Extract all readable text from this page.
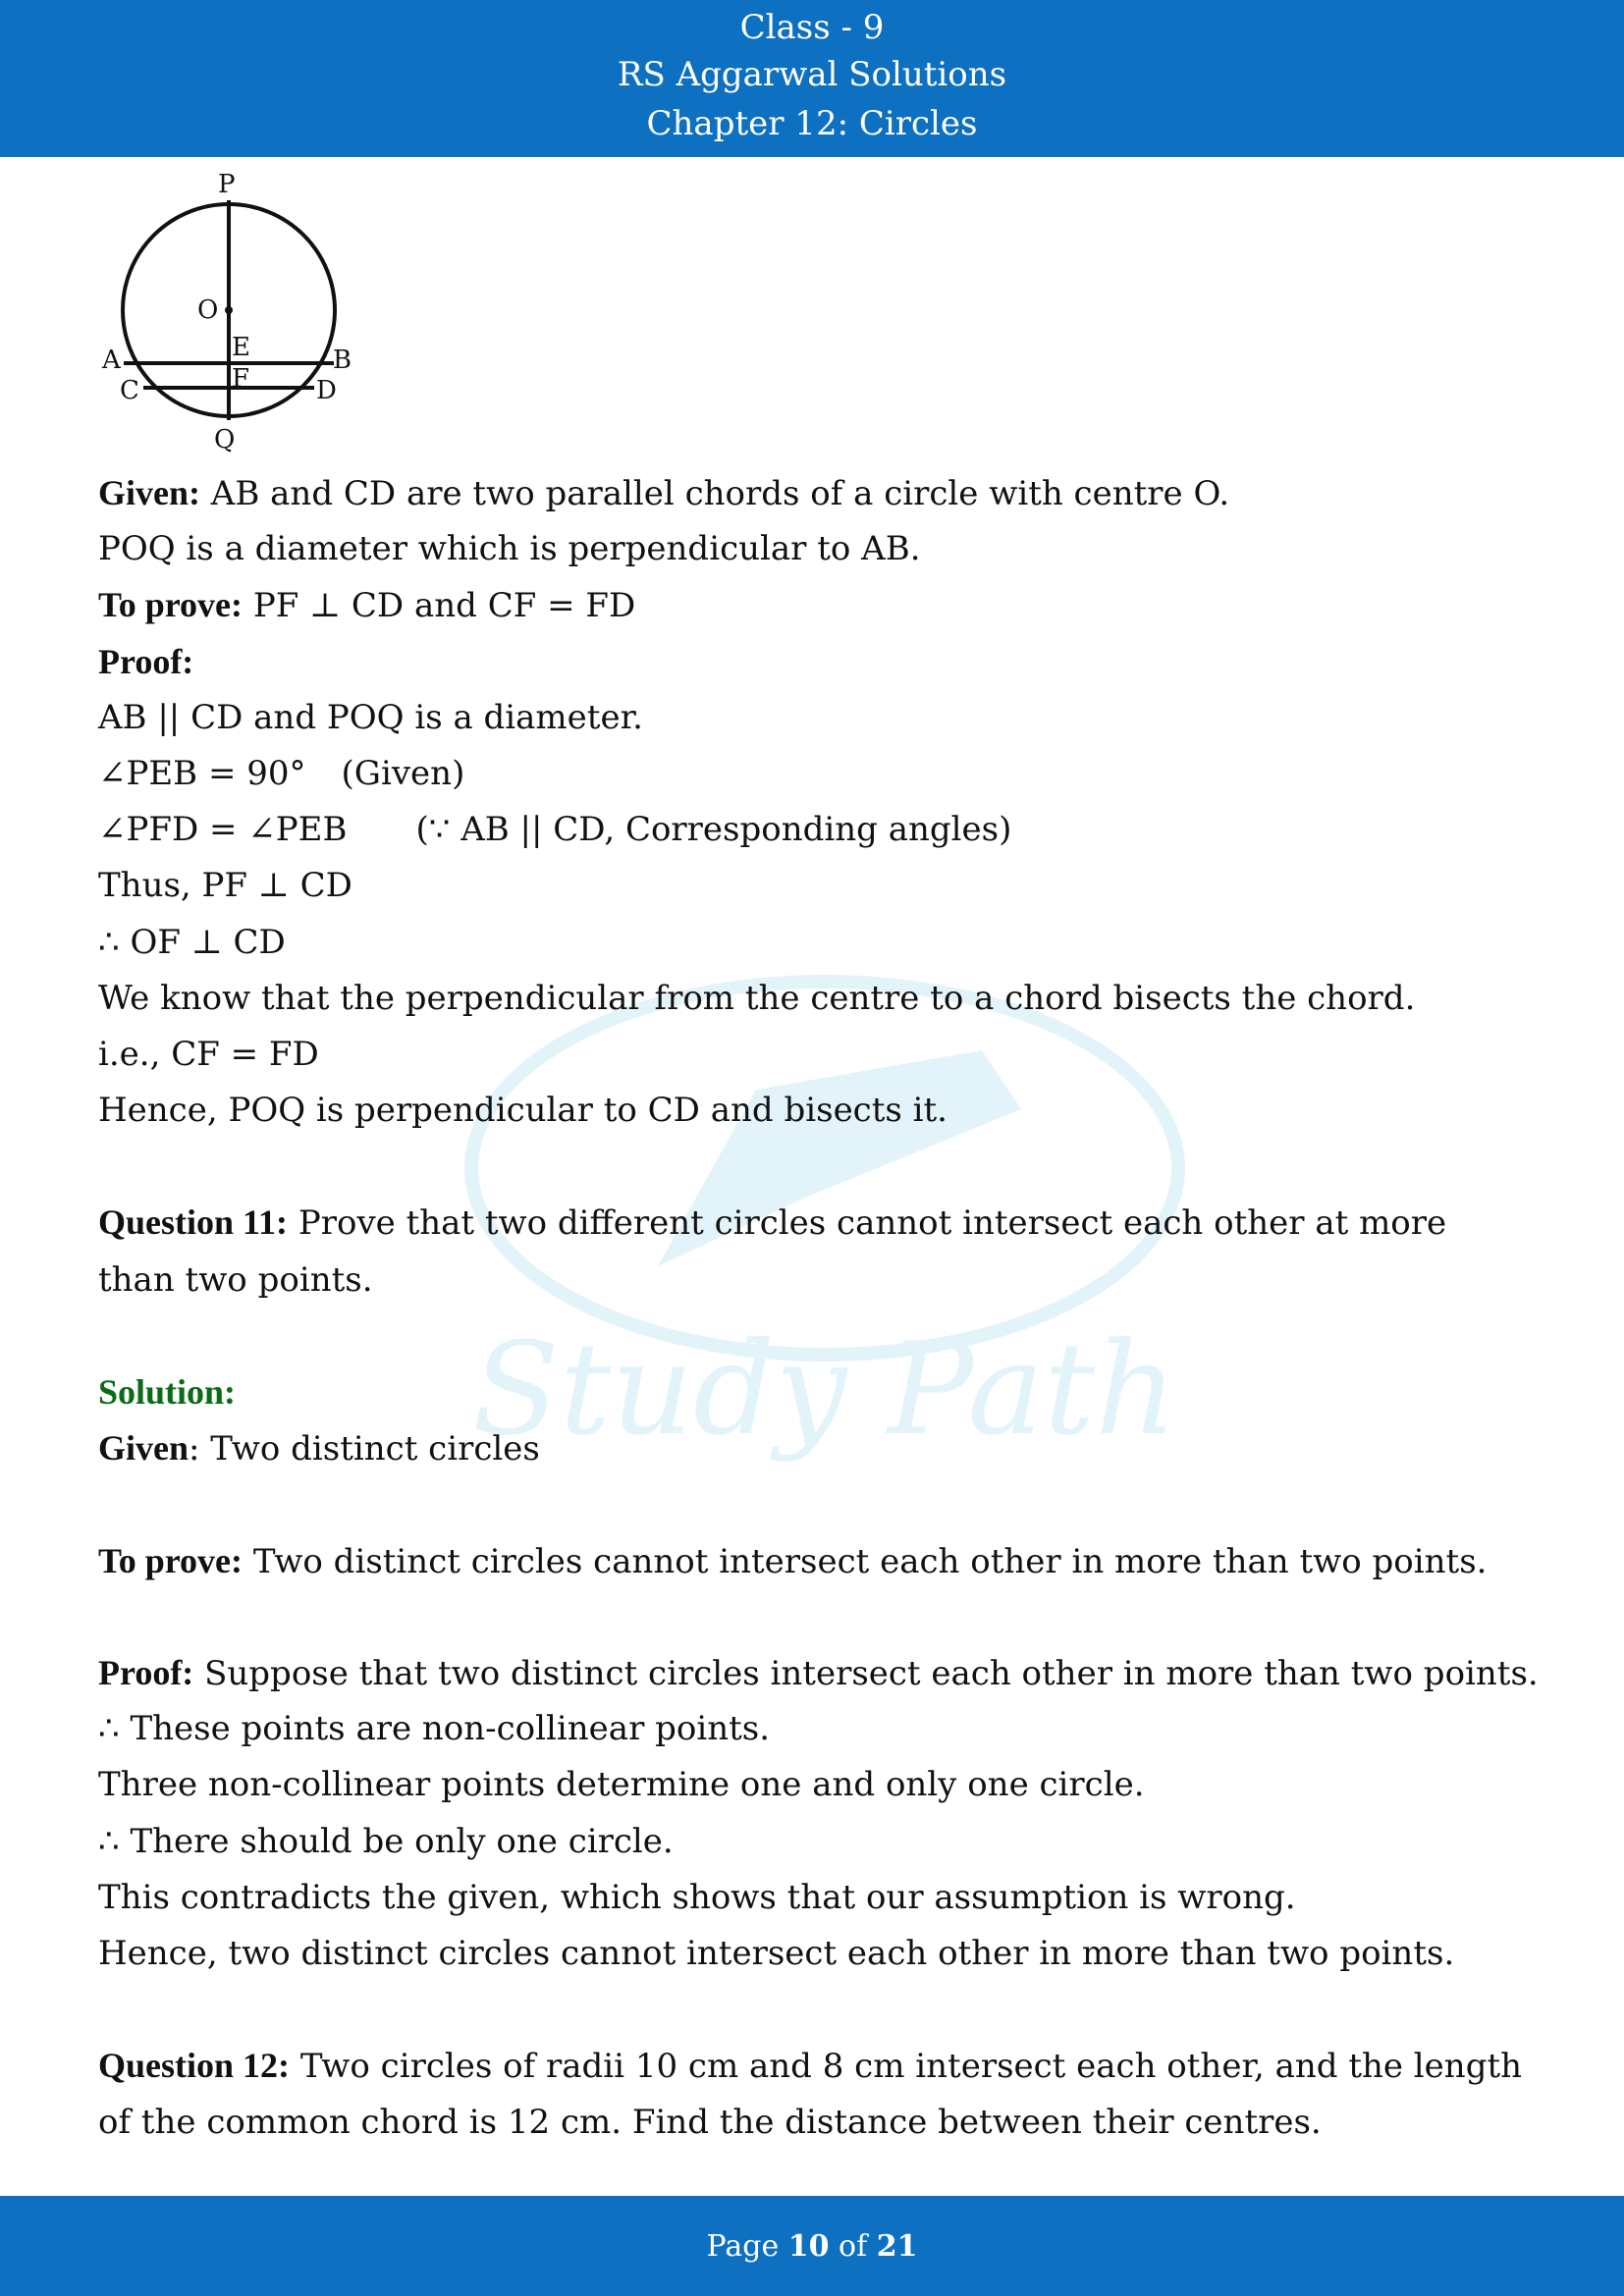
Class - 9
RS Aggarwal Solutions
Chapter 12: Circles
Study Path
P
O
E
A	B
C	F	D
Q

Given: AB and CD are two parallel chords of a circle with centre O.

POQ is a diameter which is perpendicular to AB.

To prove: PF ⊥ CD and CF = FD

Proof:

AB || CD and POQ is a diameter.

∠PEB = 90° (Given)

∠PFD = ∠PEB (∵ AB || CD, Corresponding angles)

Thus, PF ⊥ CD

∴ OF ⊥ CD

We know that the perpendicular from the centre to a chord bisects the chord.

i.e., CF = FD

Hence, POQ is perpendicular to CD and bisects it.

Question 11: Prove that two different circles cannot intersect each other at more than two points.

Solution:

Given: Two distinct circles

To prove: Two distinct circles cannot intersect each other in more than two points.

Proof: Suppose that two distinct circles intersect each other in more than two points.

∴ These points are non-collinear points.

Three non-collinear points determine one and only one circle.

∴ There should be only one circle.

This contradicts the given, which shows that our assumption is wrong.

Hence, two distinct circles cannot intersect each other in more than two points.

Question 12: Two circles of radii 10 cm and 8 cm intersect each other, and the length of the common chord is 12 cm. Find the distance between their centres.

Page 10 of 21
